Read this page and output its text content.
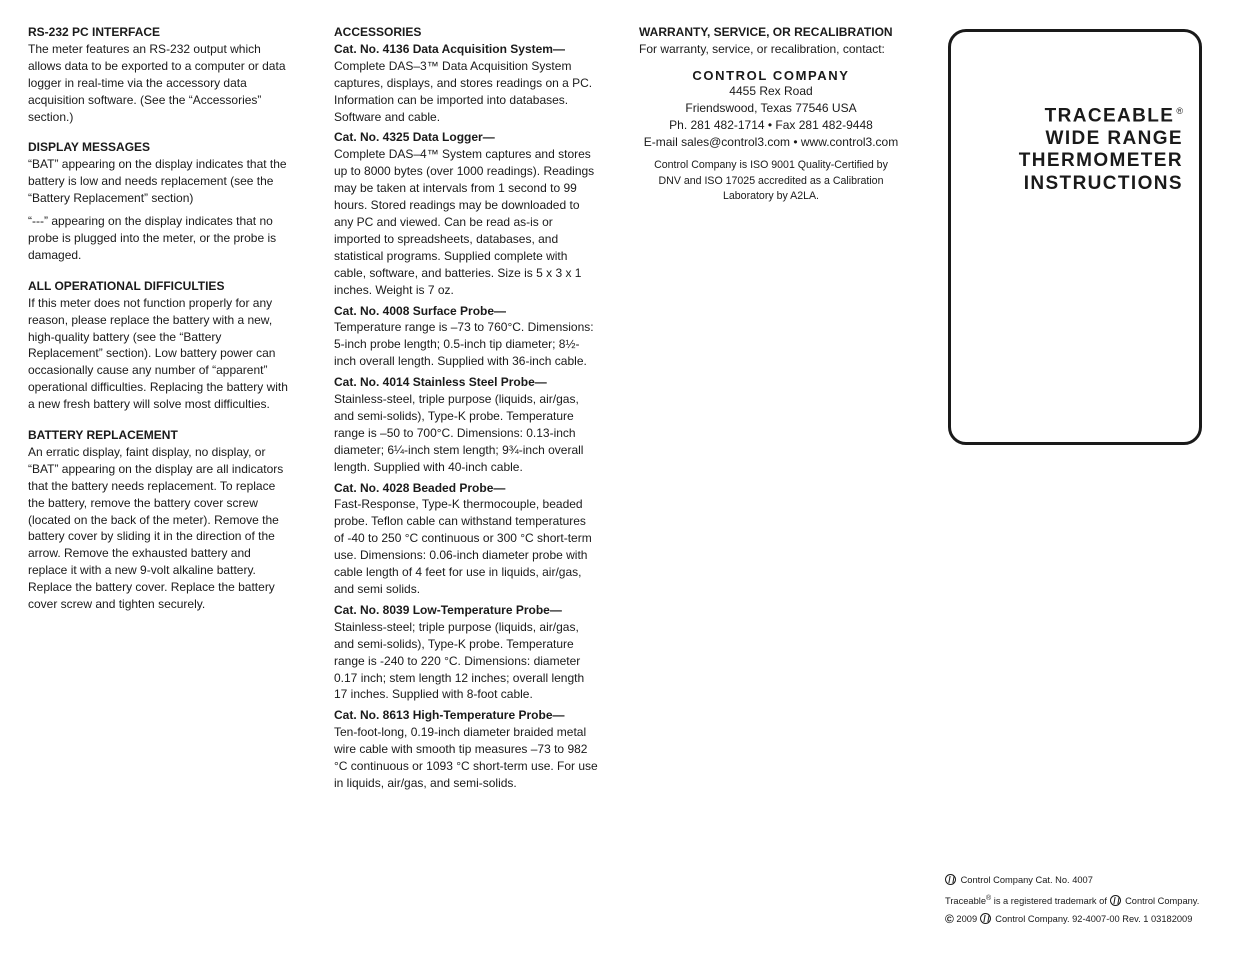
RS-232 PC INTERFACE

The meter features an RS-232 output which allows data to be exported to a computer or data logger in real-time via the accessory data acquisition software. (See the “Accessories” section.)

DISPLAY MESSAGES

“BAT” appearing on the display indicates that the battery is low and needs replacement (see the “Battery Replacement” section)

“---” appearing on the display indicates that no probe is plugged into the meter, or the probe is damaged.

ALL OPERATIONAL DIFFICULTIES

If this meter does not function properly for any reason, please replace the battery with a new, high-quality battery (see the “Battery Replacement” section). Low battery power can occasionally cause any number of “apparent” operational difficulties. Replacing the battery with a new fresh battery will solve most difficulties.

BATTERY REPLACEMENT

An erratic display, faint display, no display, or “BAT” appearing on the display are all indicators that the battery needs replacement. To replace the battery, remove the battery cover screw (located on the back of the meter). Remove the battery cover by sliding it in the direction of the arrow. Remove the exhausted battery and replace it with a new 9-volt alkaline battery. Replace the battery cover. Replace the battery cover screw and tighten securely.

ACCESSORIES
Cat. No. 4136 Data Acquisition System—
Complete DAS–3™ Data Acquisition System captures, displays, and stores readings on a PC. Information can be imported into databases. Software and cable.
Cat. No. 4325 Data Logger—
Complete DAS–4™ System captures and stores up to 8000 bytes (over 1000 readings). Readings may be taken at intervals from 1 second to 99 hours. Stored readings may be downloaded to any PC and viewed. Can be read as-is or imported to spreadsheets, databases, and statistical programs. Supplied complete with cable, software, and batteries. Size is 5 x 3 x 1 inches. Weight is 7 oz.
Cat. No. 4008 Surface Probe—
Temperature range is –73 to 760°C. Dimensions: 5-inch probe length; 0.5-inch tip diameter; 8½-inch overall length. Supplied with 36-inch cable.
Cat. No. 4014 Stainless Steel Probe—
Stainless-steel, triple purpose (liquids, air/gas, and semi-solids), Type-K probe. Temperature range is –50 to 700°C. Dimensions: 0.13-inch diameter; 6¼-inch stem length; 9¾-inch overall length. Supplied with 40-inch cable.
Cat. No. 4028 Beaded Probe—
Fast-Response, Type-K thermocouple, beaded probe. Teflon cable can withstand temperatures of -40 to 250 °C continuous or 300 °C short-term use. Dimensions: 0.06-inch diameter probe with cable length of 4 feet for use in liquids, air/gas, and semi solids.
Cat. No. 8039 Low-Temperature Probe—
Stainless-steel; triple purpose (liquids, air/gas, and semi-solids), Type-K probe. Temperature range is -240 to 220 °C. Dimensions: diameter 0.17 inch; stem length 12 inches; overall length 17 inches. Supplied with 8-foot cable.
Cat. No. 8613 High-Temperature Probe—
Ten-foot-long, 0.19-inch diameter braided metal wire cable with smooth tip measures –73 to 982 °C continuous or 1093 °C short-term use. For use in liquids, air/gas, and semi-solids.
WARRANTY, SERVICE, OR RECALIBRATION
For warranty, service, or recalibration, contact:
CONTROL COMPANY
4455 Rex Road
Friendswood, Texas 77546 USA
Ph. 281 482-1714 • Fax 281 482-9448
E-mail sales@control3.com • www.control3.com
Control Company is ISO 9001 Quality-Certified by DNV and ISO 17025 accredited as a Calibration Laboratory by A2LA.
TRACEABLE ®
WIDE RANGE
THERMOMETER
INSTRUCTIONS
Control Company Cat. No. 4007
Traceable® is a registered trademark of  Control Company.
© 2009  Control Company. 92-4007-00 Rev. 1 03182009
